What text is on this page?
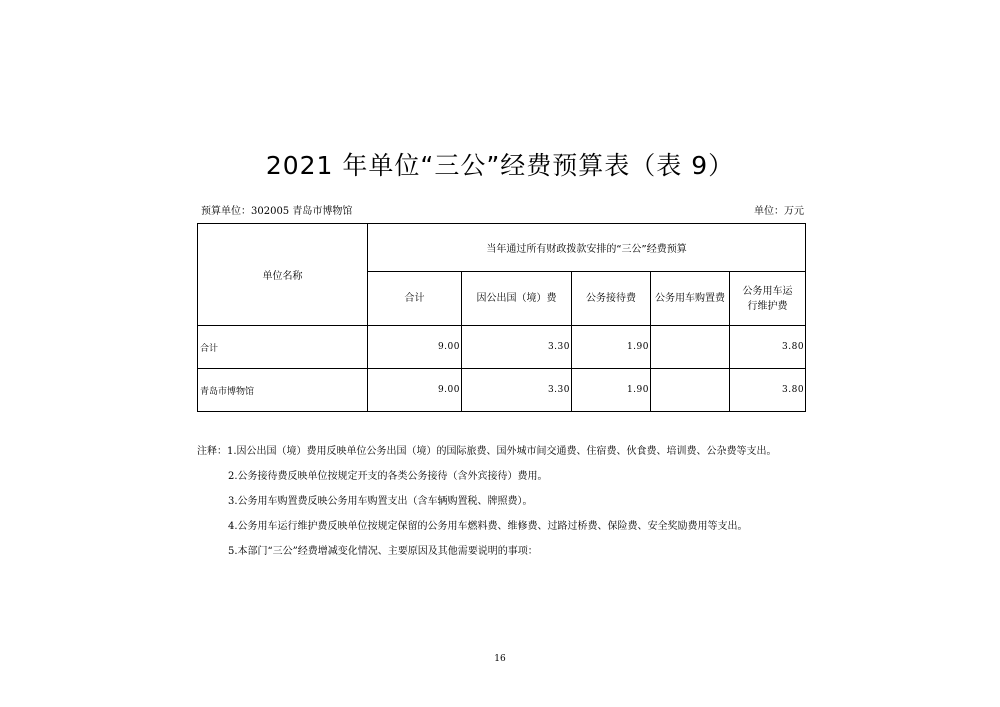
2021 年单位“三公”经费预算表（表 9）
预算单位：302005 青岛市博物馆	单位：万元
单位名称	当年通过所有财政拨款安排的“三公”经费预算				
	合计	因公出国（境）费	公务接待费	公务用车购置费	公务用车运行维护费
合计	9.00	3.30	1.90		3.80
青岛市博物馆	9.00	3.30	1.90		3.80
注释：1.因公出国（境）费用反映单位公务出国（境）的国际旅费、国外城市间交通费、住宿费、伙食费、培训费、公杂费等支出。
2.公务接待费反映单位按规定开支的各类公务接待（含外宾接待）费用。
3.公务用车购置费反映公务用车购置支出（含车辆购置税、牌照费）。
4.公务用车运行维护费反映单位按规定保留的公务用车燃料费、维修费、过路过桥费、保险费、安全奖励费用等支出。
5.本部门“三公”经费增减变化情况、主要原因及其他需要说明的事项：
16
